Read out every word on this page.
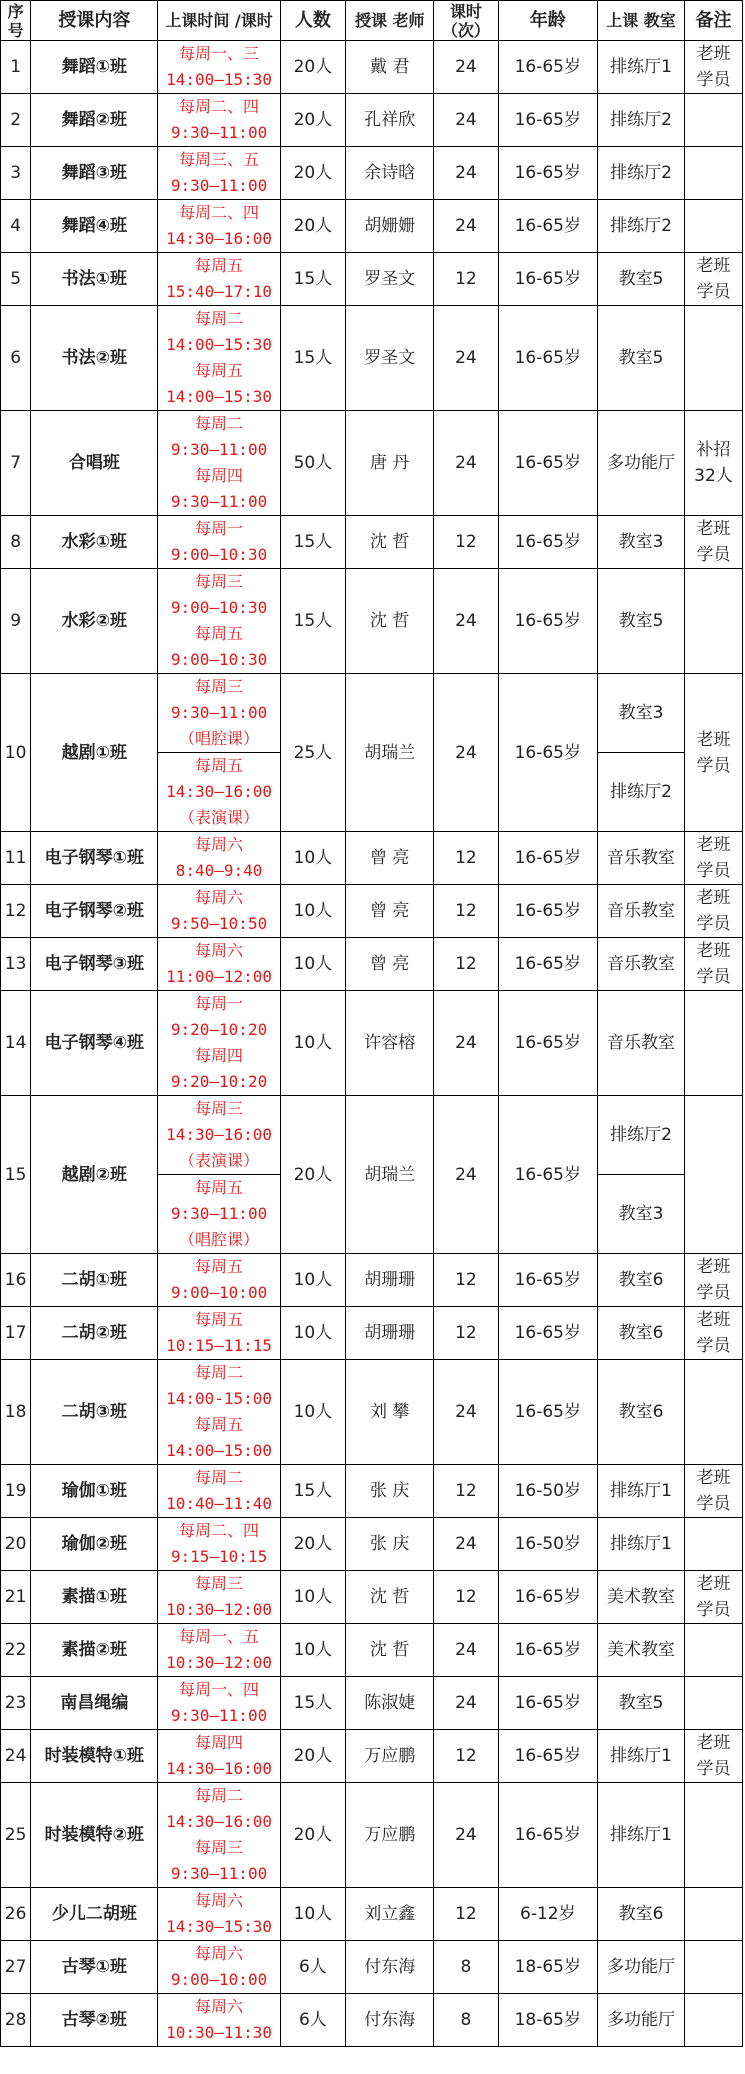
序 号	授课内容	上课时间 /课时	人数	授课 老师	课时 （次）	年龄	上课 教室	备注
1	舞蹈①班	每周一、三
14:00—15:30	20人	戴 君	24	16-65岁	排练厅1	老班
学员
2	舞蹈②班	每周二、四
9:30—11:00	20人	孔祥欣	24	16-65岁	排练厅2	
3	舞蹈③班	每周三、五
9:30—11:00	20人	余诗晗	24	16-65岁	排练厅2	
4	舞蹈④班	每周二、四
14:30—16:00	20人	胡姗姗	24	16-65岁	排练厅2	
5	书法①班	每周五
15:40—17:10	15人	罗圣文	12	16-65岁	教室5	老班
学员
6	书法②班	每周二
14:00—15:30
每周五
14:00—15:30	15人	罗圣文	24	16-65岁	教室5	
7	合唱班	每周二
9:30—11:00
每周四
9:30—11:00	50人	唐 丹	24	16-65岁	多功能厅	补招
32人
8	水彩①班	每周一
9:00—10:30	15人	沈 哲	12	16-65岁	教室3	老班
学员
9	水彩②班	每周三
9:00—10:30
每周五
9:00—10:30	15人	沈 哲	24	16-65岁	教室5	
10	越剧①班	每周三
9:30—11:00
（唱腔课）	25人	胡瑞兰	24	16-65岁	教室3	老班
学员
		每周五
14:30—16:00
（表演课）					排练厅2	
11	电子钢琴①班	每周六
8:40—9:40	10人	曾 亮	12	16-65岁	音乐教室	老班
学员
12	电子钢琴②班	每周六
9:50—10:50	10人	曾 亮	12	16-65岁	音乐教室	老班
学员
13	电子钢琴③班	每周六
11:00—12:00	10人	曾 亮	12	16-65岁	音乐教室	老班
学员
14	电子钢琴④班	每周一
9:20—10:20
每周四
9:20—10:20	10人	许容榕	24	16-65岁	音乐教室	
15	越剧②班	每周三
14:30—16:00
（表演课）	20人	胡瑞兰	24	16-65岁	排练厅2	
		每周五
9:30—11:00
（唱腔课）					教室3	
16	二胡①班	每周五
9:00—10:00	10人	胡珊珊	12	16-65岁	教室6	老班
学员
17	二胡②班	每周五
10:15—11:15	10人	胡珊珊	12	16-65岁	教室6	老班
学员
18	二胡③班	每周二
14:00-15:00
每周五
14:00—15:00	10人	刘 攀	24	16-65岁	教室6	
19	瑜伽①班	每周二
10:40—11:40	15人	张 庆	12	16-50岁	排练厅1	老班
学员
20	瑜伽②班	每周二、四
9:15—10:15	20人	张 庆	24	16-50岁	排练厅1	
21	素描①班	每周三
10:30—12:00	10人	沈 哲	12	16-65岁	美术教室	老班
学员
22	素描②班	每周一、五
10:30—12:00	10人	沈 哲	24	16-65岁	美术教室	
23	南昌绳编	每周一、四
9:30—11:00	15人	陈淑婕	24	16-65岁	教室5	
24	时装模特①班	每周四
14:30—16:00	20人	万应鹏	12	16-65岁	排练厅1	老班
学员
25	时装模特②班	每周二
14:30—16:00
每周三
9:30—11:00	20人	万应鹏	24	16-65岁	排练厅1	
26	少儿二胡班	每周六
14:30—15:30	10人	刘立鑫	12	6-12岁	教室6	
27	古琴①班	每周六
9:00—10:00	6人	付东海	8	18-65岁	多功能厅	
28	古琴②班	每周六
10:30—11:30	6人	付东海	8	18-65岁	多功能厅	
